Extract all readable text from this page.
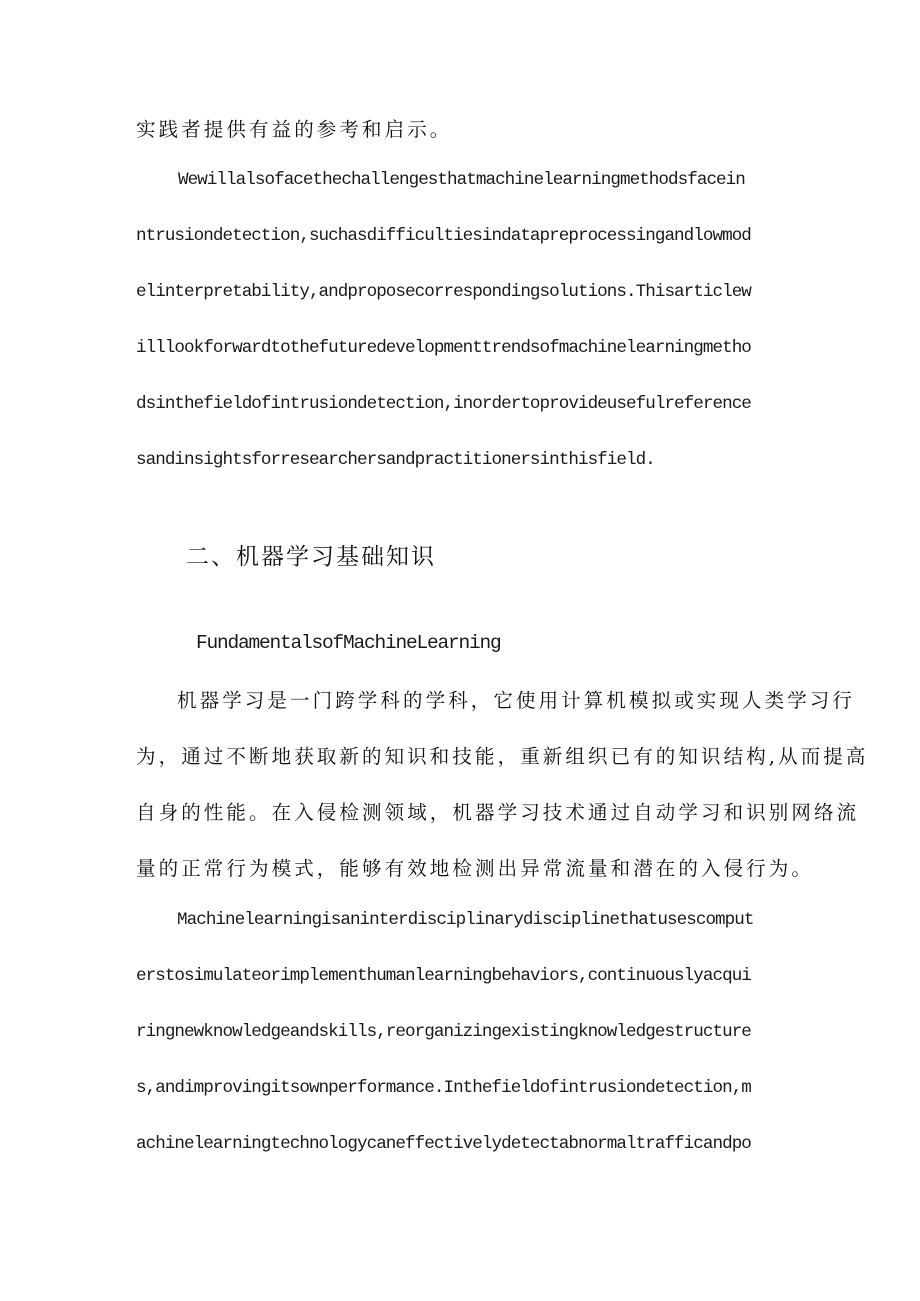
实践者提供有益的参考和启示。

Wewillalsofacethechallengesthatmachinelearningmethodsfacein

ntrusiondetection,suchasdifficultiesindatapreprocessingandlowmod

elinterpretability,andproposecorrespondingsolutions.Thisarticlew

illlookforwardtothefuturedevelopmenttrendsofmachinelearningmetho

dsinthefieldofintrusiondetection,inordertoprovideusefulreference

sandinsightsforresearchersandpractitionersinthisfield.

二、机器学习基础知识

FundamentalsofMachineLearning

机器学习是一门跨学科的学科，它使用计算机模拟或实现人类学习行

为，通过不断地获取新的知识和技能，重新组织已有的知识结构,从而提高

自身的性能。在入侵检测领域，机器学习技术通过自动学习和识别网络流

量的正常行为模式，能够有效地检测出异常流量和潜在的入侵行为。

Machinelearningisaninterdisciplinarydisciplinethatusescomput

erstosimulateorimplementhumanlearningbehaviors,continuouslyacqui

ringnewknowledgeandskills,reorganizingexistingknowledgestructure

s,andimprovingitsownperformance.Inthefieldofintrusiondetection,m

achinelearningtechnologycaneffectivelydetectabnormaltrafficandpo
